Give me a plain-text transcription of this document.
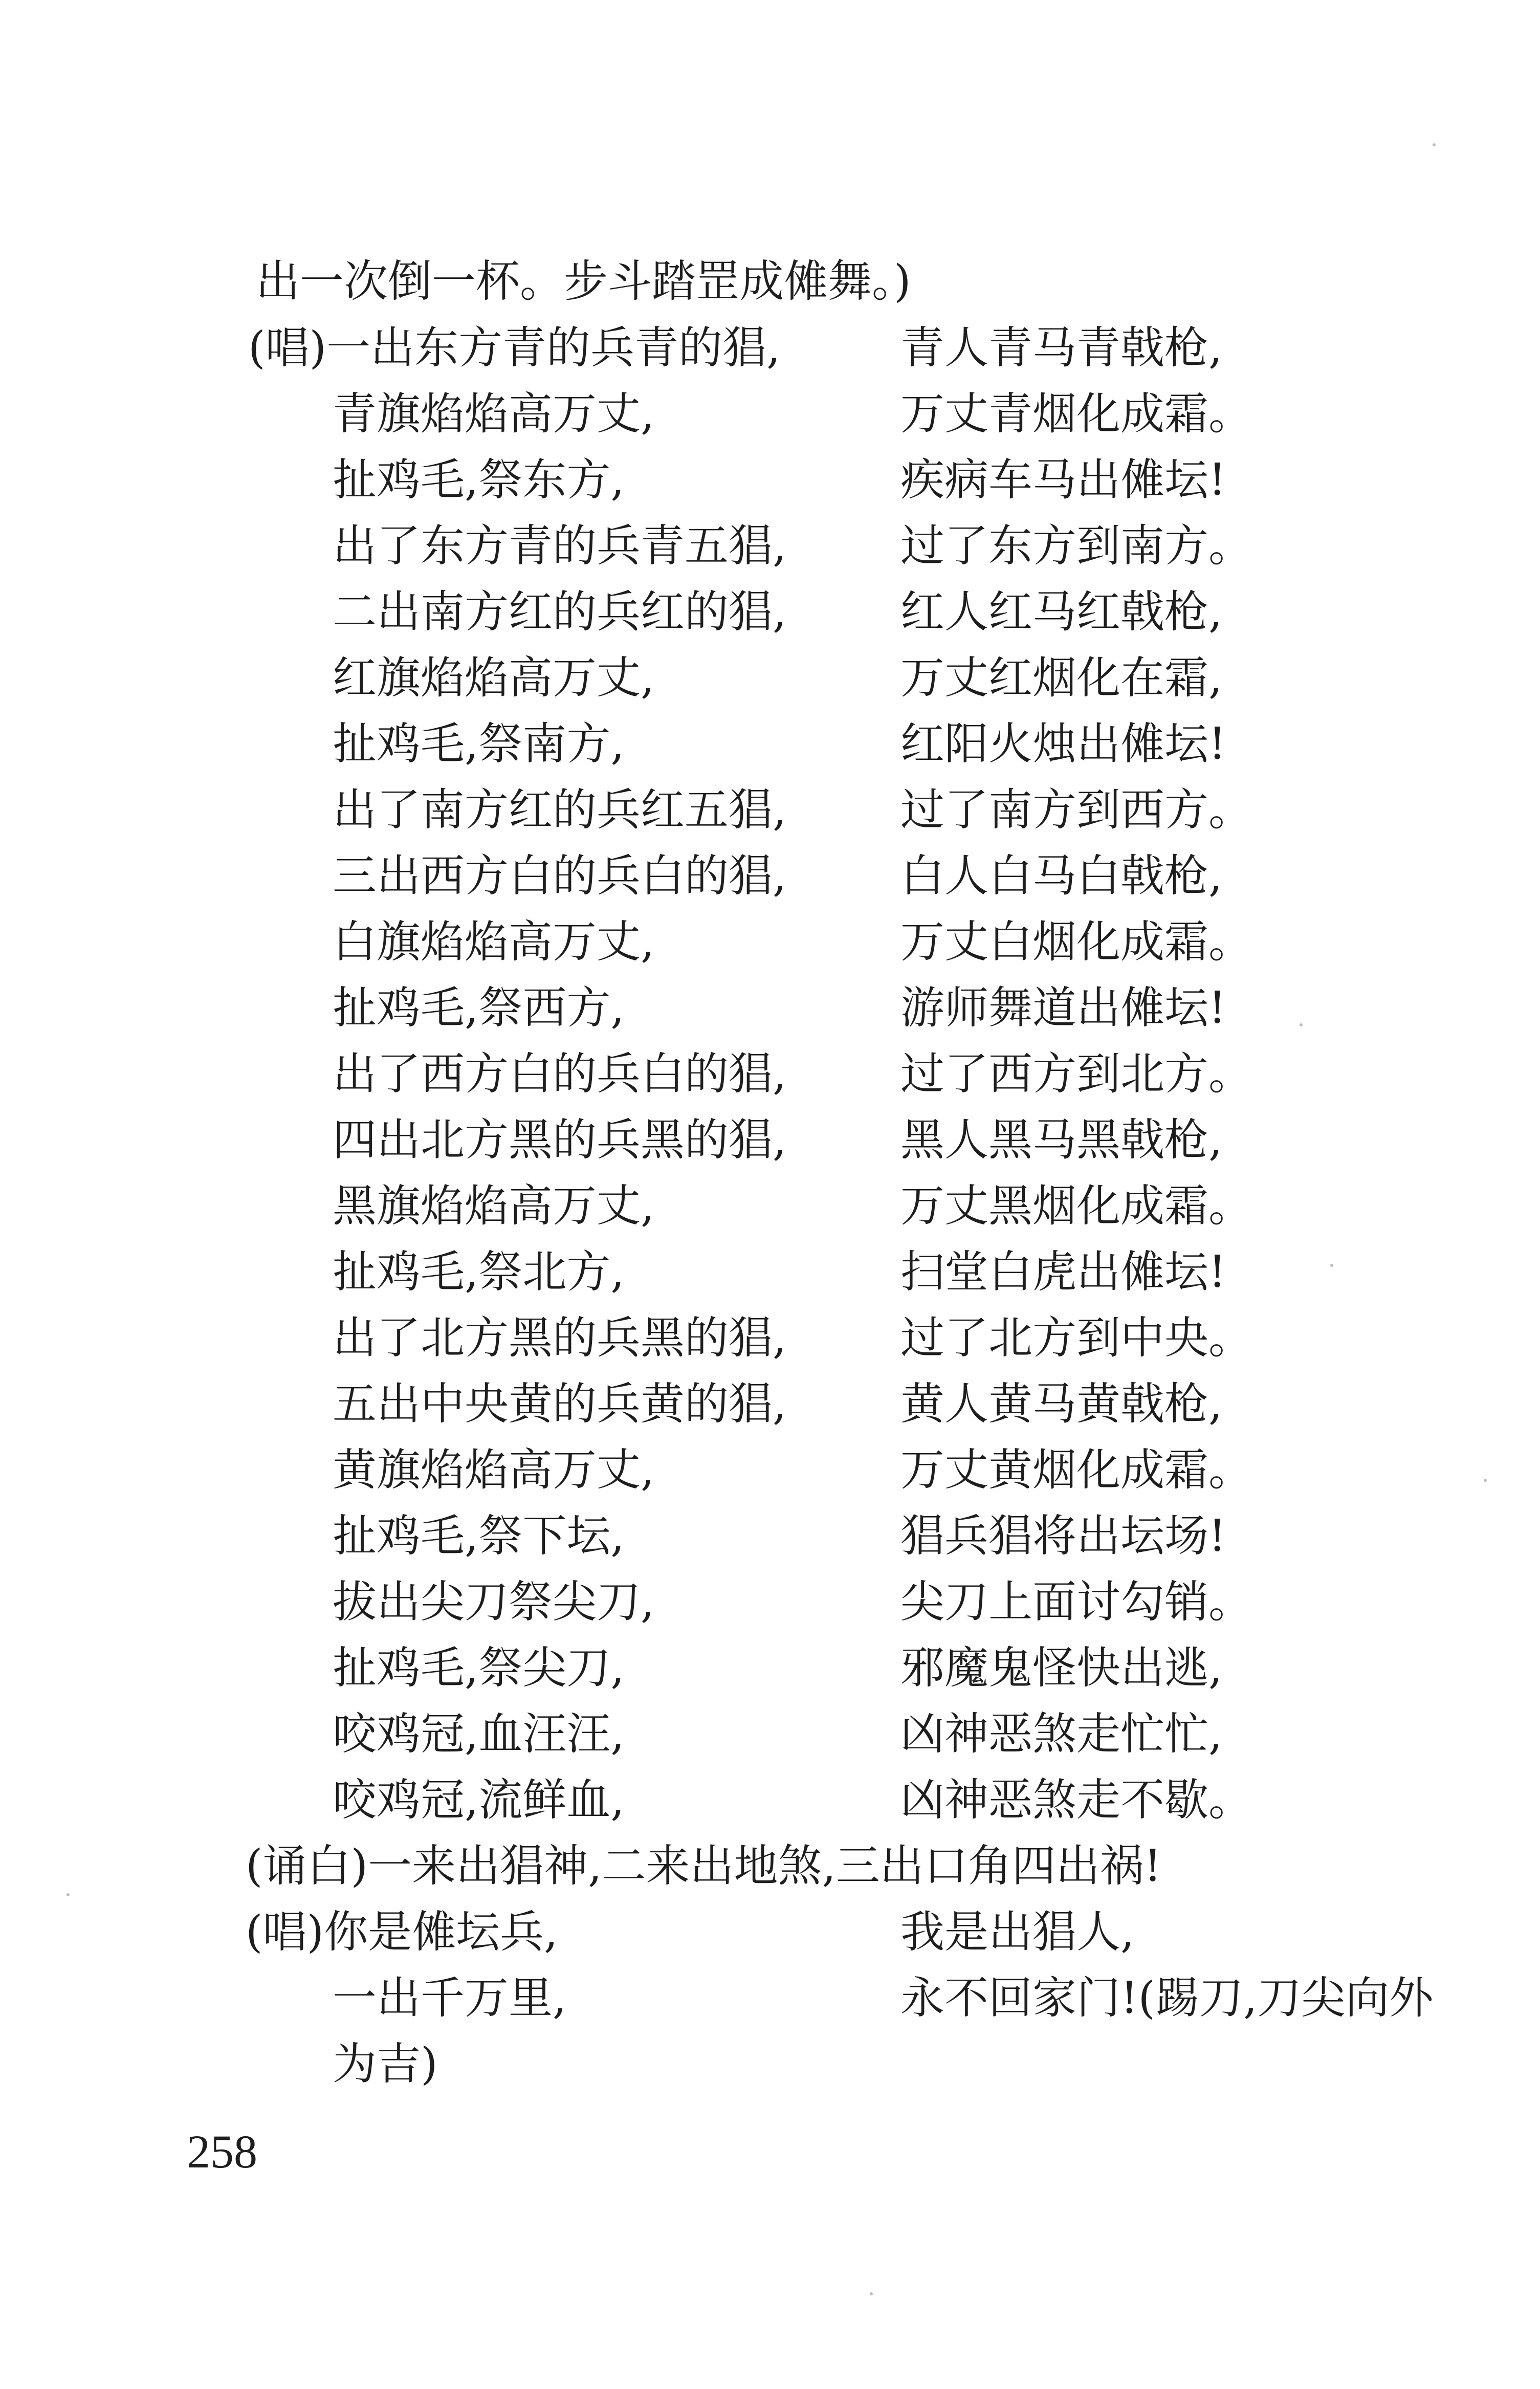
出一次倒一杯。步斗踏罡成傩舞。)
(唱)一出东方青的兵青的猖,	青人青马青戟枪,
青旗焰焰高万丈,	万丈青烟化成霜。
扯鸡毛,祭东方,	疾病车马出傩坛!
出了东方青的兵青五猖,	过了东方到南方。
二出南方红的兵红的猖,	红人红马红戟枪,
红旗焰焰高万丈,	万丈红烟化在霜,
扯鸡毛,祭南方,	红阳火烛出傩坛!
出了南方红的兵红五猖,	过了南方到西方。
三出西方白的兵白的猖,	白人白马白戟枪,
白旗焰焰高万丈,	万丈白烟化成霜。
扯鸡毛,祭西方,	游师舞道出傩坛!
出了西方白的兵白的猖,	过了西方到北方。
四出北方黑的兵黑的猖,	黑人黑马黑戟枪,
黑旗焰焰高万丈,	万丈黑烟化成霜。
扯鸡毛,祭北方,	扫堂白虎出傩坛!
出了北方黑的兵黑的猖,	过了北方到中央。
五出中央黄的兵黄的猖,	黄人黄马黄戟枪,
黄旗焰焰高万丈,	万丈黄烟化成霜。
扯鸡毛,祭下坛,	猖兵猖将出坛场!
拔出尖刀祭尖刀,	尖刀上面讨勾销。
扯鸡毛,祭尖刀,	邪魔鬼怪快出逃,
咬鸡冠,血汪汪,	凶神恶煞走忙忙,
咬鸡冠,流鲜血,	凶神恶煞走不歇。
(诵白)一来出猖神,二来出地煞,三出口角四出祸!
(唱)你是傩坛兵,	我是出猖人,
一出千万里,	永不回家门!(踢刀,刀尖向外
为吉)
258
